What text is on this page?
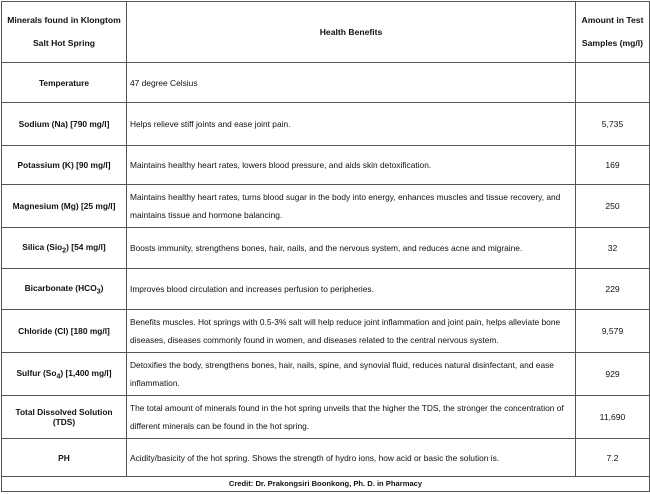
Minerals found in Klongtom Salt Hot Spring	Health Benefits	Amount in Test Samples (mg/l)
Temperature	47 degree Celsius	
Sodium (Na) [790 mg/l]	Helps relieve stiff joints and ease joint pain.	5,735
Potassium (K) [90 mg/l]	Maintains healthy heart rates, lowers blood pressure, and aids skin detoxification.	169
Magnesium (Mg) [25 mg/l]	Maintains healthy heart rates, turns blood sugar in the body into energy, enhances muscles and tissue recovery, and maintains tissue and hormone balancing.	250
Silica (Sio$_2$) [54 mg/l]	Boosts immunity, strengthens bones, hair, nails, and the nervous system, and reduces acne and migraine.	32
Bicarbonate $(HCO_3)$	Improves blood circulation and increases perfusion to peripheries.	229
Chloride (Cl) [180 mg/l]	Benefits muscles. Hot springs with 0.5-3% salt will help reduce joint inflammation and joint pain, helps alleviate bone diseases, diseases commonly found in women, and diseases related to the central nervous system.	9,579
Sulfur $(So_4)$ [1,400 mg/l]	Detoxifies the body, strengthens bones, hair, nails, spine, and synovial fluid, reduces natural disinfectant, and ease inflammation.	929
Total Dissolved Solution (TDS)	The total amount of minerals found in the hot spring unveils that the higher the TDS, the stronger the concentration of different minerals can be found in the hot spring.	11,690
PH	Acidity/basicity of the hot spring. Shows the strength of hydro ions, how acid or basic the solution is.	7.2
Credit: Dr. Prakongsiri Boonkong, Ph. D. in Pharmacy		
